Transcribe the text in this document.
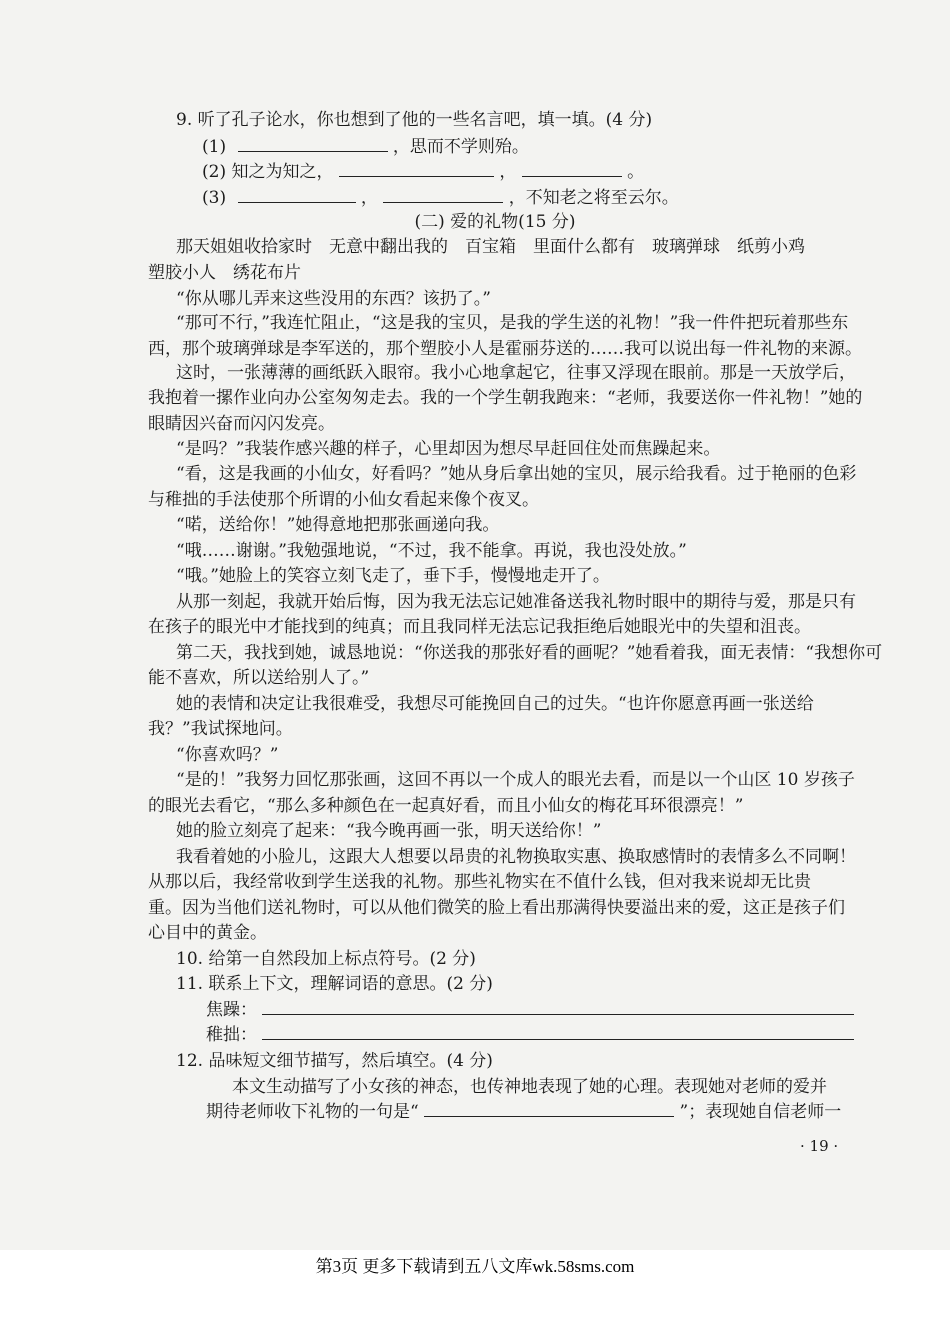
9. 听了孔子论水，你也想到了他的一些名言吧，填一填。(4 分)
(1)	，思而不学则殆。
(2) 知之为知之，	，	。
(3)	，	，不知老之将至云尔。
(二) 爱的礼物(15 分)
那天姐姐收拾家时　无意中翻出我的　百宝箱　里面什么都有　玻璃弹球　纸剪小鸡
塑胶小人　绣花布片
“你从哪儿弄来这些没用的东西？该扔了。”
“那可不行，”我连忙阻止，“这是我的宝贝，是我的学生送的礼物！”我一件件把玩着那些东
西，那个玻璃弹球是李军送的，那个塑胶小人是霍丽芬送的……我可以说出每一件礼物的来源。
这时，一张薄薄的画纸跃入眼帘。我小心地拿起它，往事又浮现在眼前。那是一天放学后，
我抱着一摞作业向办公室匆匆走去。我的一个学生朝我跑来：“老师，我要送你一件礼物！”她的
眼睛因兴奋而闪闪发亮。
“是吗？”我装作感兴趣的样子，心里却因为想尽早赶回住处而焦躁起来。
“看，这是我画的小仙女，好看吗？”她从身后拿出她的宝贝，展示给我看。过于艳丽的色彩
与稚拙的手法使那个所谓的小仙女看起来像个夜叉。
“喏，送给你！”她得意地把那张画递向我。
“哦……谢谢。”我勉强地说，“不过，我不能拿。再说，我也没处放。”
“哦。”她脸上的笑容立刻飞走了，垂下手，慢慢地走开了。
从那一刻起，我就开始后悔，因为我无法忘记她准备送我礼物时眼中的期待与爱，那是只有
在孩子的眼光中才能找到的纯真；而且我同样无法忘记我拒绝后她眼光中的失望和沮丧。
第二天，我找到她，诚恳地说：“你送我的那张好看的画呢？”她看着我，面无表情：“我想你可
能不喜欢，所以送给别人了。”
她的表情和决定让我很难受，我想尽可能挽回自己的过失。“也许你愿意再画一张送给
我？”我试探地问。
“你喜欢吗？”
“是的！”我努力回忆那张画，这回不再以一个成人的眼光去看，而是以一个山区 10 岁孩子
的眼光去看它，“那么多种颜色在一起真好看，而且小仙女的梅花耳环很漂亮！”
她的脸立刻亮了起来：“我今晚再画一张，明天送给你！”
我看着她的小脸儿，这跟大人想要以昂贵的礼物换取实惠、换取感情时的表情多么不同啊！
从那以后，我经常收到学生送我的礼物。那些礼物实在不值什么钱，但对我来说却无比贵
重。因为当他们送礼物时，可以从他们微笑的脸上看出那满得快要溢出来的爱，这正是孩子们
心目中的黄金。
10. 给第一自然段加上标点符号。(2 分)
11. 联系上下文，理解词语的意思。(2 分)
焦躁：
稚拙：
12. 品味短文细节描写，然后填空。(4 分)
本文生动描写了小女孩的神态，也传神地表现了她的心理。表现她对老师的爱并
期待老师收下礼物的一句是“	”；表现她自信老师一
· 19 ·
第3页 更多下载请到五八文库wk.58sms.com
